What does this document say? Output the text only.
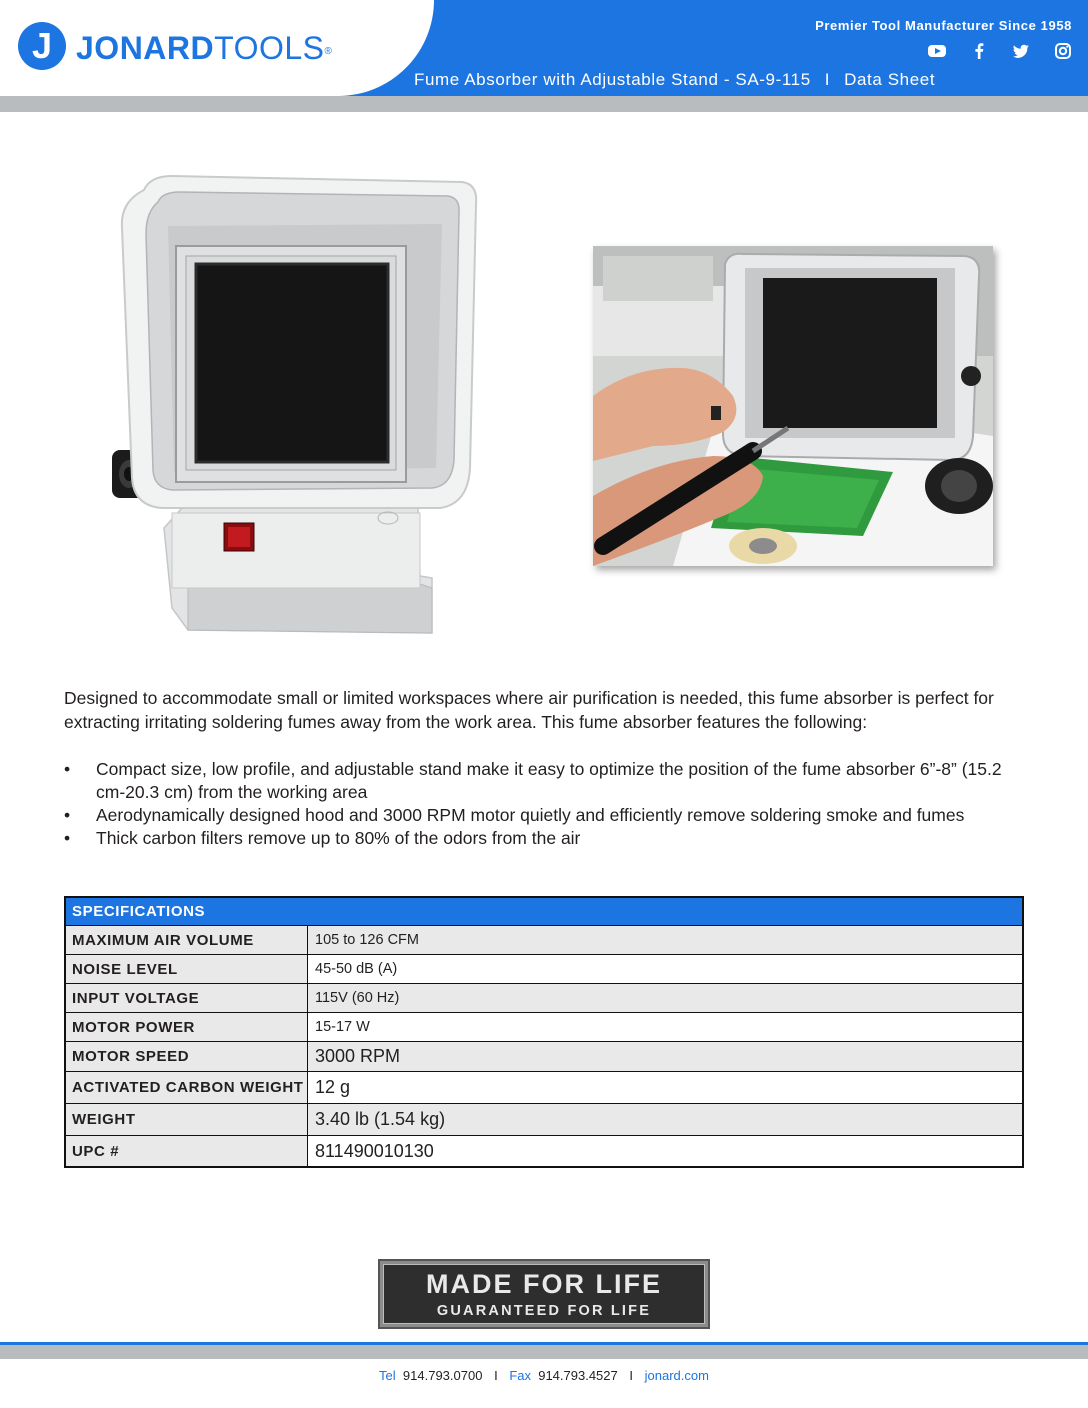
J JONARDTOOLS®
Premier Tool Manufacturer Since 1958
Fume Absorber with Adjustable Stand - SA-9-115 I Data Sheet

Designed to accommodate small or limited workspaces where air purification is needed, this fume absorber is perfect for extracting irritating soldering fumes away from the work area. This fume absorber features the following:

• Compact size, low profile, and adjustable stand make it easy to optimize the position of the fume absorber 6”-8” (15.2 cm-20.3 cm) from the working area
• Aerodynamically designed hood and 3000 RPM motor quietly and efficiently remove soldering smoke and fumes
• Thick carbon filters remove up to 80% of the odors from the air
SPECIFICATIONS
MAXIMUM AIR VOLUME	105 to 126 CFM
NOISE LEVEL	45-50 dB (A)
INPUT VOLTAGE	115V (60 Hz)
MOTOR POWER	15-17 W
MOTOR SPEED	3000 RPM
ACTIVATED CARBON WEIGHT 12 g
WEIGHT	3.40 lb (1.54 kg)
UPC #	811490010130
MADE FOR LIFE
GUARANTEED FOR LIFE
Tel 914.793.0700 I Fax 914.793.4527 I jonard.com
